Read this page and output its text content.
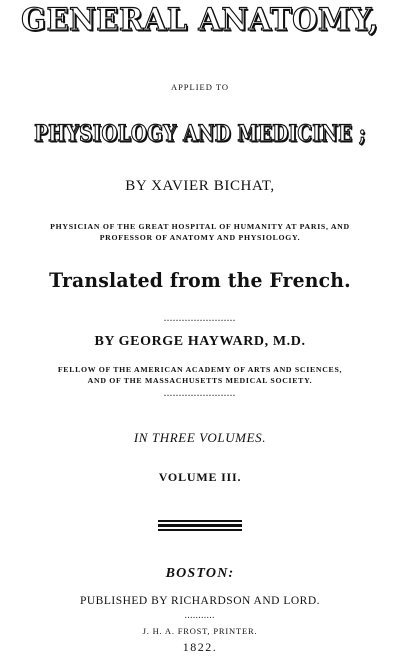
GENERAL ANATOMY,
APPLIED TO
PHYSIOLOGY AND MEDICINE ;
BY XAVIER BICHAT,
PHYSICIAN OF THE GREAT HOSPITAL OF HUMANITY AT PARIS, AND
PROFESSOR OF ANATOMY AND PHYSIOLOGY.
Translated from the French.
........................
BY GEORGE HAYWARD, M.D.
FELLOW OF THE AMERICAN ACADEMY OF ARTS AND SCIENCES,
AND OF THE MASSACHUSETTS MEDICAL SOCIETY.
........................
IN THREE VOLUMES.
VOLUME III.
BOSTON:
PUBLISHED BY RICHARDSON AND LORD.
...........
J. H. A. FROST, PRINTER.
1822.
